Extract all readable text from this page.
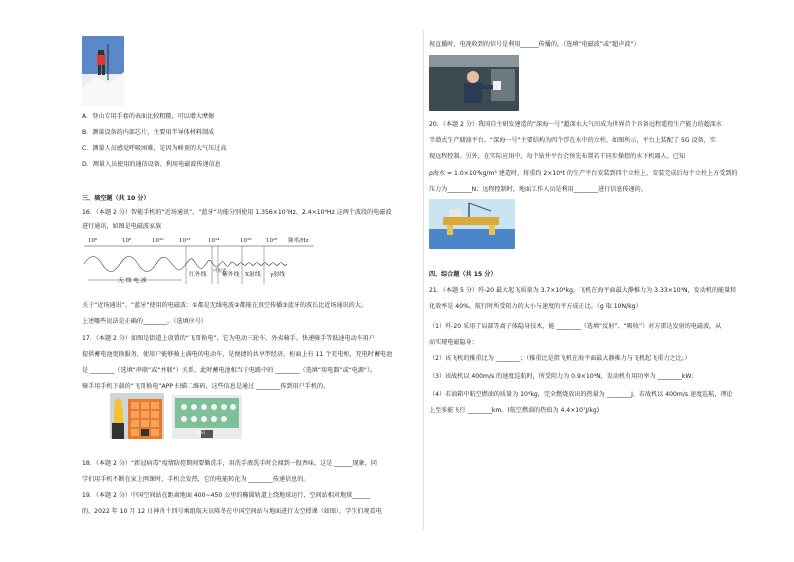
A．登山专用手套的表面比较粗糙，可以增大摩擦
B．测量设备的内部芯片，主要用半导体材料制成
C．测量人员感觉呼吸困难，是因为峰顶的大气压过高
D．测量人员使用的通信设备，利用电磁波传递信息
三、填空题（共 10 分）
16．（本题 2 分）智能手机的“近场通讯”、“蓝牙”功能分别使用 1.356×10⁷Hz、2.4×10⁹Hz 这两个波段的电磁波
进行通讯，如图是电磁波家族
10⁶	10⁸	10¹⁰	10¹²	10¹⁴	10¹⁶	10¹⁸ 频率/Hz
无 线 电 波
红外线
可见光
紫外线 X射线 γ射线
关于“近场通讯”、“蓝牙”使用的电磁波：①都是无线电波②都能在真空传播③蓝牙的波长比近场通讯的大。
上述哪些说法是正确的________。（选填序号）
17．（本题 2 分）如图是街道上放置的“飞哥换电”，它为电动三轮车、外卖骑手、快递骑手等低速电动车用户
提供蓄电池更换服务，使用户能够骑上满电的电动车，是便捷的共享型经济。柜面上有 11 个充电柜，充电时蓄电池
是 ________（选填“串联”或“并联”）关系，此时蓄电池相当于电路中的 ________（选填“用电器”或“电源”）。
骑手用手机下载的“飞哥换电”APP 扫描二维码，这些信息是通过 ________传到用户手机的。
二维码
18．（本题 2 分）“新冠病毒”疫情防控期间要勤洗手，用洗手液洗手时会闻到一股香味，这是 ______现象。同
学们用手机不断在家上网课时，手机会发热，它的电能转化为 ________传递信息的。
19．（本题 2 分）中国空间站在距离地面 400~450 公里的椭圆轨道上绕地球运行，空间站相对地球______
的。2022 年 10 月 12 日神舟十四号乘组航天员陈冬在中国空间站与地面进行太空授课（如图），学生们观看电
视直播时，电视收到的信号是利用______传播的。（选填“电磁波”或“超声波”）
20．（本题 2 分）我国自主研发建造的“深海一号”超深水大气田成为世界首个具备远程遥控生产能力的超深水
半潜式生产储油平台。“深海一号”主要结构为四个浮在水中的立柱，如图所示，平台上装配了 5G 设备，实
现远程控制。另外，在实际应用中，每个钻井平台会预先布置若干同步操控的水下机器人。已知
ρ海水 = 1.0×10³kg/m³ 建造时，将重约 2×10⁴t 的生产平台安装到四个立柱上，安装完成后每个立柱上方受到的
压力为________N；远程控制时，地面工作人员是利用________进行信息传递的。
四、综合题（共 15 分）
21．（本题 5 分）歼-20 最大起飞质量为 3.7×10⁴kg，飞机在海平面最大静推力为 3.33×10⁵N，发动机的能量转
化效率是 40%，航行时所受阻力的大小与速度的平方成正比。（g 取 10N/kg）
（1）歼-20 采用了局部等离子体隐身技术，能 ________（选填“反射”、“吸收”）对方雷达发射的电磁波，从
而实现电磁隐身；
（2）该飞机的推重比为 ________；（推重比是指飞机在海平面最大静推力与飞机起飞重力之比。）
（3）该战机以 400m/s 的速度巡航时，所受阻力为 0.9×10⁴N，发动机有用功率为 ________kW；
（4）若油箱中航空燃油的质量为 10⁴kg，完全燃烧放出的热量为 ________J，若战机以 400m/s 速度巡航，理论
上至多能飞行 ________km。(航空燃油的热值为 4.4×10⁷J/kg)
